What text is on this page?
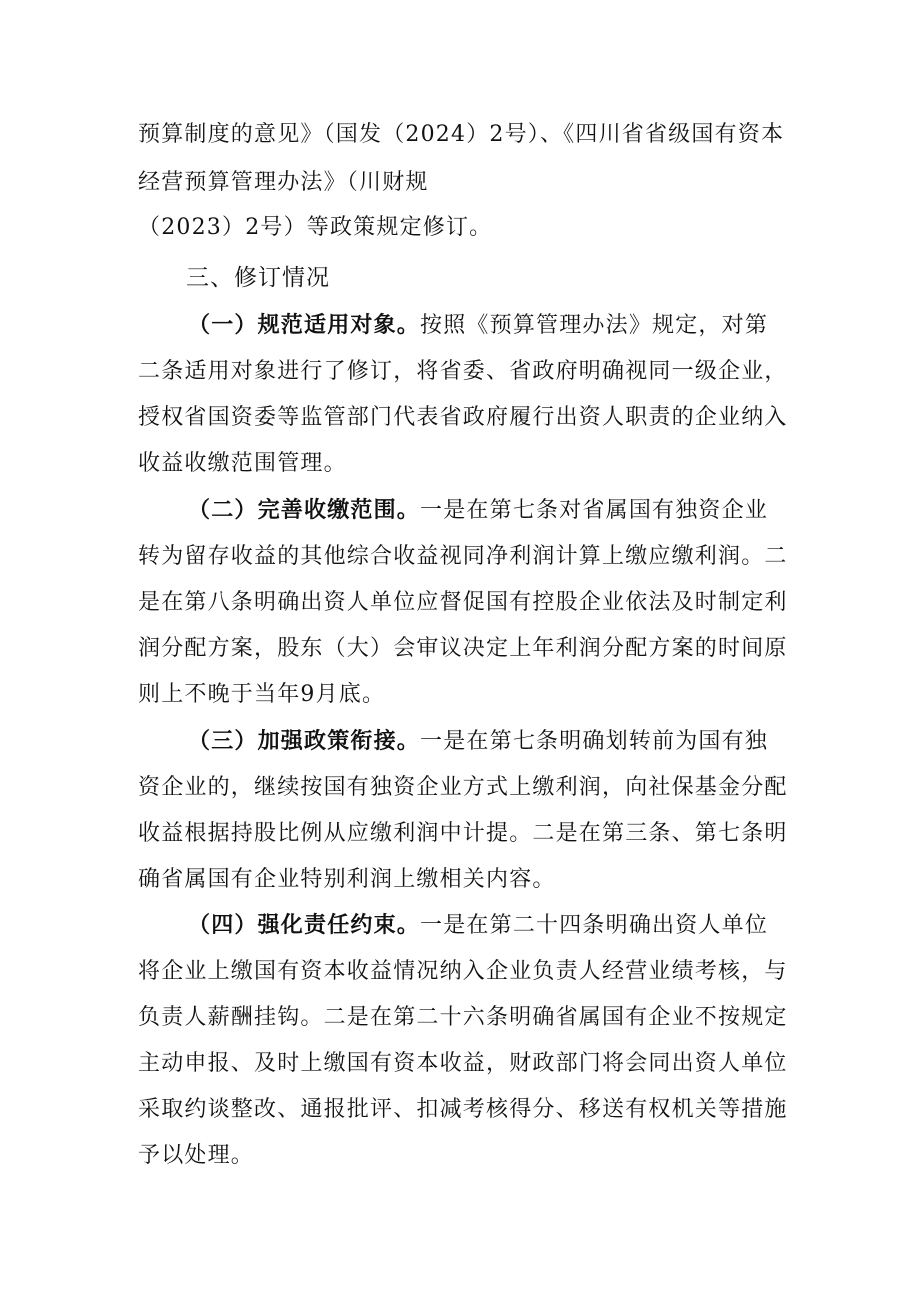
预算制度的意见》（国发（2024）2号）、《四川省省级国有资本
经营预算管理办法》（川财规
（2023）2号）等政策规定修订。
三、修订情况
（一）规范适用对象。按照《预算管理办法》规定，对第
二条适用对象进行了修订，将省委、省政府明确视同一级企业，
授权省国资委等监管部门代表省政府履行出资人职责的企业纳入
收益收缴范围管理。
（二）完善收缴范围。一是在第七条对省属国有独资企业
转为留存收益的其他综合收益视同净利润计算上缴应缴利润。二
是在第八条明确出资人单位应督促国有控股企业依法及时制定利
润分配方案，股东（大）会审议决定上年利润分配方案的时间原
则上不晚于当年9月底。
（三）加强政策衔接。一是在第七条明确划转前为国有独
资企业的，继续按国有独资企业方式上缴利润，向社保基金分配
收益根据持股比例从应缴利润中计提。二是在第三条、第七条明
确省属国有企业特别利润上缴相关内容。
（四）强化责任约束。一是在第二十四条明确出资人单位
将企业上缴国有资本收益情况纳入企业负责人经营业绩考核，与
负责人薪酬挂钩。二是在第二十六条明确省属国有企业不按规定
主动申报、及时上缴国有资本收益，财政部门将会同出资人单位
采取约谈整改、通报批评、扣减考核得分、移送有权机关等措施
予以处理。
